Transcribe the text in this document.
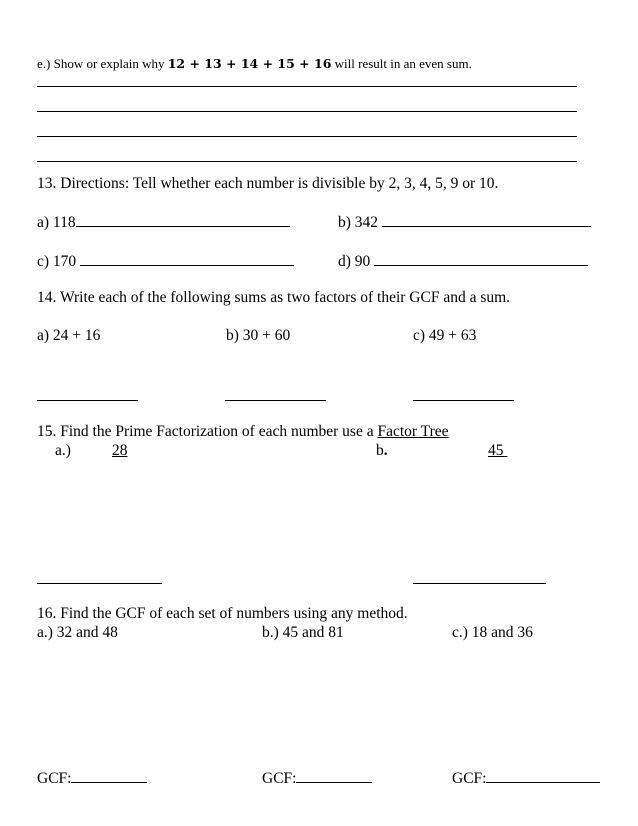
e.) Show or explain why 12 + 13 + 14 + 15 + 16 will result in an even sum.
13. Directions: Tell whether each number is divisible by 2, 3, 4, 5, 9 or 10.
a) 118	b) 342
c) 170	d) 90
14. Write each of the following sums as two factors of their GCF and a sum.
a) 24 + 16	b) 30 + 60	c) 49 + 63
15. Find the Prime Factorization of each number use a Factor Tree
a.)	28	b.	45
16. Find the GCF of each set of numbers using any method.
a.) 32 and 48	b.) 45 and 81	c.) 18 and 36
GCF:	GCF:	GCF:
